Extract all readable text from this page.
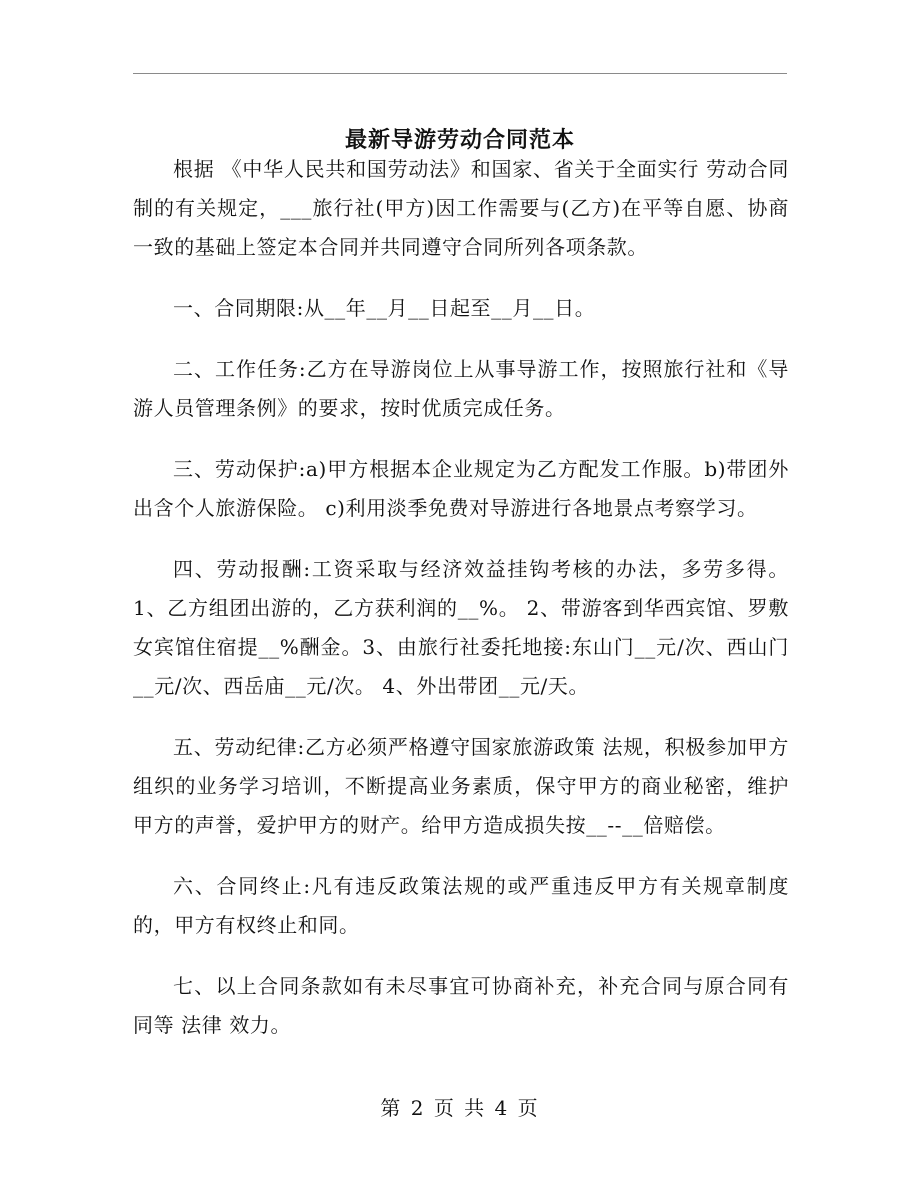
最新导游劳动合同范本

根据 《中华人民共和国劳动法》和国家、省关于全面实行 劳动合同 制的有关规定，___旅行社(甲方)因工作需要与(乙方)在平等自愿、协商一致的基础上签定本合同并共同遵守合同所列各项条款。

一、合同期限:从__年__月__日起至__月__日。

二、工作任务:乙方在导游岗位上从事导游工作，按照旅行社和《导游人员管理条例》的要求，按时优质完成任务。

三、劳动保护:a)甲方根据本企业规定为乙方配发工作服。b)带团外出含个人旅游保险。 c)利用淡季免费对导游进行各地景点考察学习。

四、劳动报酬:工资采取与经济效益挂钩考核的办法，多劳多得。1、乙方组团出游的，乙方获利润的__%。 2、带游客到华西宾馆、罗敷女宾馆住宿提__%酬金。3、由旅行社委托地接:东山门__元/次、西山门__元/次、西岳庙__元/次。 4、外出带团__元/天。

五、劳动纪律:乙方必须严格遵守国家旅游政策 法规，积极参加甲方组织的业务学习培训，不断提高业务素质，保守甲方的商业秘密，维护甲方的声誉，爱护甲方的财产。给甲方造成损失按__--__倍赔偿。

六、合同终止:凡有违反政策法规的或严重违反甲方有关规章制度的，甲方有权终止和同。

七、以上合同条款如有未尽事宜可协商补充，补充合同与原合同有同等 法律 效力。

第 2 页 共 4 页
